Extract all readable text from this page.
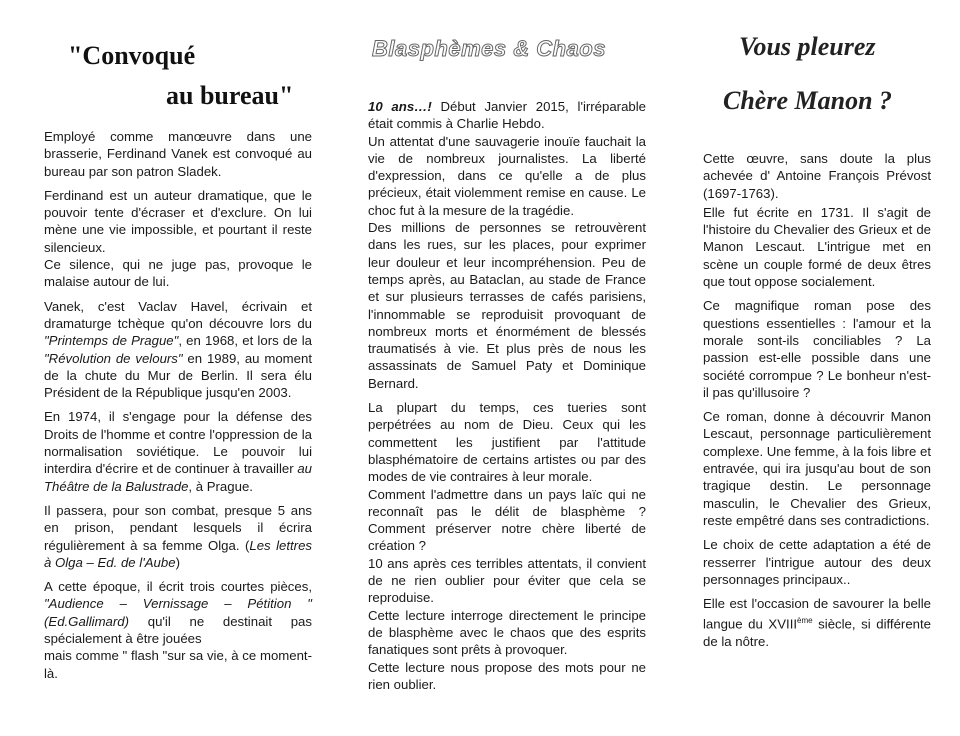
"Convoqué
au bureau"

Employé comme manœuvre dans une brasserie, Ferdinand Vanek est convoqué au bureau par son patron Sladek.

Ferdinand est un auteur dramatique, que le pouvoir tente d'écraser et d'exclure. On lui mène une vie impossible, et pourtant il reste silencieux.

Ce silence, qui ne juge pas, provoque le malaise autour de lui.

Vanek, c'est Vaclav Havel, écrivain et dramaturge tchèque qu'on découvre lors du "Printemps de Prague", en 1968, et lors de la "Révolution de velours" en 1989, au moment de la chute du Mur de Berlin. Il sera élu Président de la République jusqu'en 2003.

En 1974, il s'engage pour la défense des Droits de l'homme et contre l'oppression de la normalisation soviétique. Le pouvoir lui interdira d'écrire et de continuer à travailler au Théâtre de la Balustrade, à Prague.

Il passera, pour son combat, presque 5 ans en prison, pendant lesquels il écrira régulièrement à sa femme Olga. (Les lettres à Olga – Ed. de l'Aube)

A cette époque, il écrit trois courtes pièces, "Audience – Vernissage – Pétition " (Ed.Gallimard) qu'il ne destinait pas spécialement à être jouées

mais comme " flash "sur sa vie, à ce moment-là.

Blasphèmes & Chaos

10 ans…! Début Janvier 2015, l'irréparable était commis à Charlie Hebdo.

Un attentat d'une sauvagerie inouïe fauchait la vie de nombreux journalistes. La liberté d'expression, dans ce qu'elle a de plus précieux, était violemment remise en cause. Le choc fut à la mesure de la tragédie.

Des millions de personnes se retrouvèrent dans les rues, sur les places, pour exprimer leur douleur et leur incompréhension. Peu de temps après, au Bataclan, au stade de France et sur plusieurs terrasses de cafés parisiens, l'innommable se reproduisit provoquant de nombreux morts et énormément de blessés traumatisés à vie. Et plus près de nous les assassinats de Samuel Paty et Dominique Bernard.

La plupart du temps, ces tueries sont perpétrées au nom de Dieu. Ceux qui les commettent les justifient par l'attitude blasphématoire de certains artistes ou par des modes de vie contraires à leur morale.

Comment l'admettre dans un pays laïc qui ne reconnaît pas le délit de blasphème ? Comment préserver notre chère liberté de création ?

10 ans après ces terribles attentats, il convient de ne rien oublier pour éviter que cela se reproduise.

Cette lecture interroge directement le principe de blasphème avec le chaos que des esprits fanatiques sont prêts à provoquer.

Cette lecture nous propose des mots pour ne rien oublier.

Vous pleurez
Chère Manon ?

Cette œuvre, sans doute la plus achevée d' Antoine François Prévost (1697-1763).

Elle fut écrite en 1731. Il s'agit de l'histoire du Chevalier des Grieux et de Manon Lescaut. L'intrigue met en scène un couple formé de deux êtres que tout oppose socialement.

Ce magnifique roman pose des questions essentielles : l'amour et la morale sont-ils conciliables ? La passion est-elle possible dans une société corrompue ? Le bonheur n'est-il pas qu'illusoire ?

Ce roman, donne à découvrir Manon Lescaut, personnage particulièrement complexe. Une femme, à la fois libre et entravée, qui ira jusqu'au bout de son tragique destin. Le personnage masculin, le Chevalier des Grieux, reste empêtré dans ses contradictions.

Le choix de cette adaptation a été de resserrer l'intrigue autour des deux personnages principaux..

Elle est l'occasion de savourer la belle langue du XVIIIème siècle, si différente de la nôtre.
